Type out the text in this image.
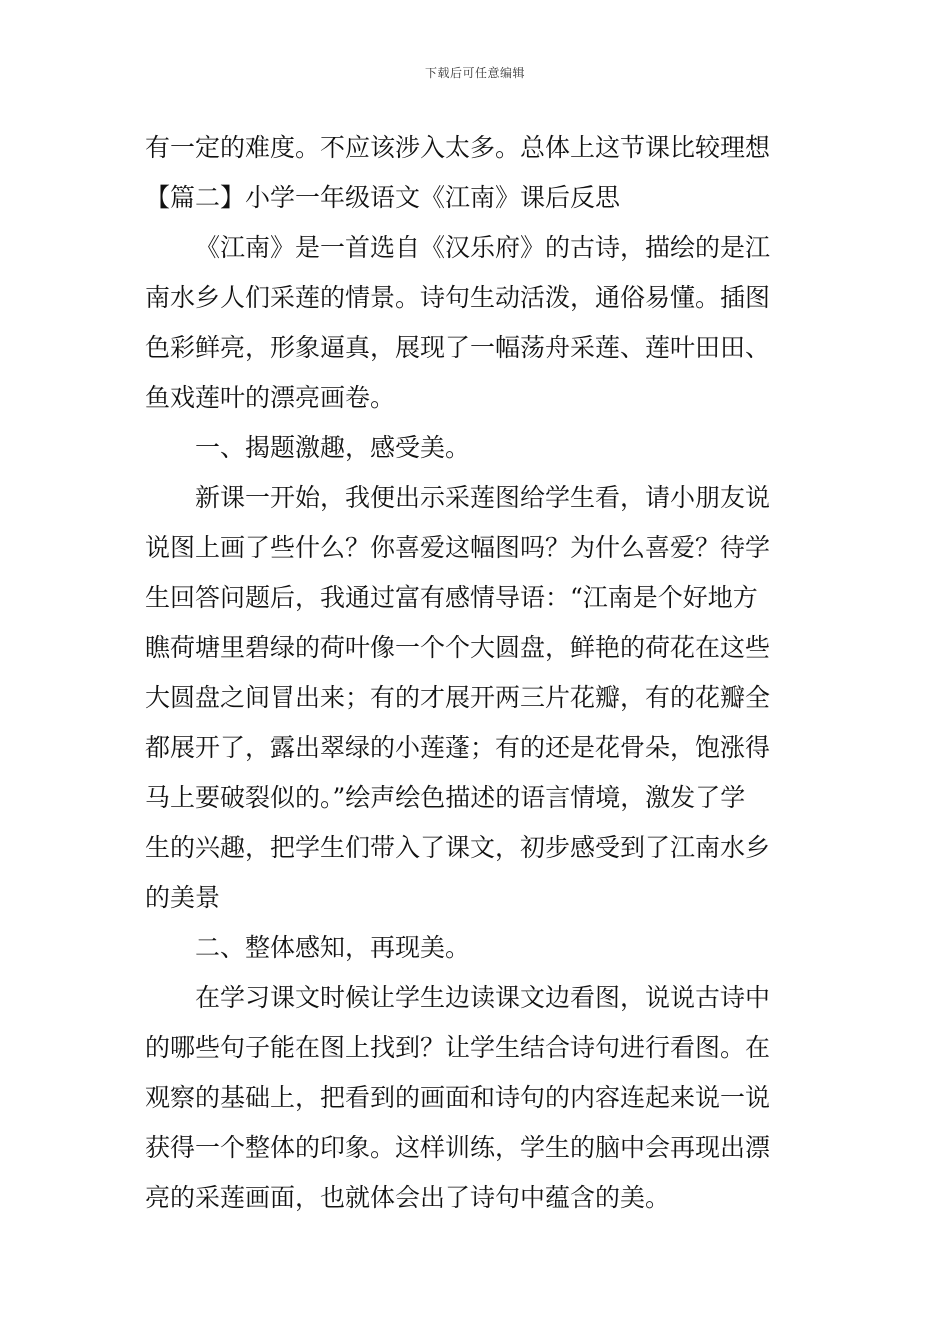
下载后可任意编辑
有一定的难度。不应该涉入太多。总体上这节课比较理想
【篇二】小学一年级语文《江南》课后反思
《江南》是一首选自《汉乐府》的古诗，描绘的是江
南水乡人们采莲的情景。诗句生动活泼，通俗易懂。插图
色彩鲜亮，形象逼真，展现了一幅荡舟采莲、莲叶田田、
鱼戏莲叶的漂亮画卷。
一、揭题激趣，感受美。
新课一开始，我便出示采莲图给学生看，请小朋友说
说图上画了些什么？你喜爱这幅图吗？为什么喜爱？待学
生回答问题后，我通过富有感情导语：“江南是个好地方
瞧荷塘里碧绿的荷叶像一个个大圆盘，鲜艳的荷花在这些
大圆盘之间冒出来；有的才展开两三片花瓣，有的花瓣全
都展开了，露出翠绿的小莲蓬；有的还是花骨朵，饱涨得
马上要破裂似的。”绘声绘色描述的语言情境，激发了学
生的兴趣，把学生们带入了课文，初步感受到了江南水乡
的美景
二、整体感知，再现美。
在学习课文时候让学生边读课文边看图，说说古诗中
的哪些句子能在图上找到？让学生结合诗句进行看图。在
观察的基础上，把看到的画面和诗句的内容连起来说一说
获得一个整体的印象。这样训练，学生的脑中会再现出漂
亮的采莲画面，也就体会出了诗句中蕴含的美。
